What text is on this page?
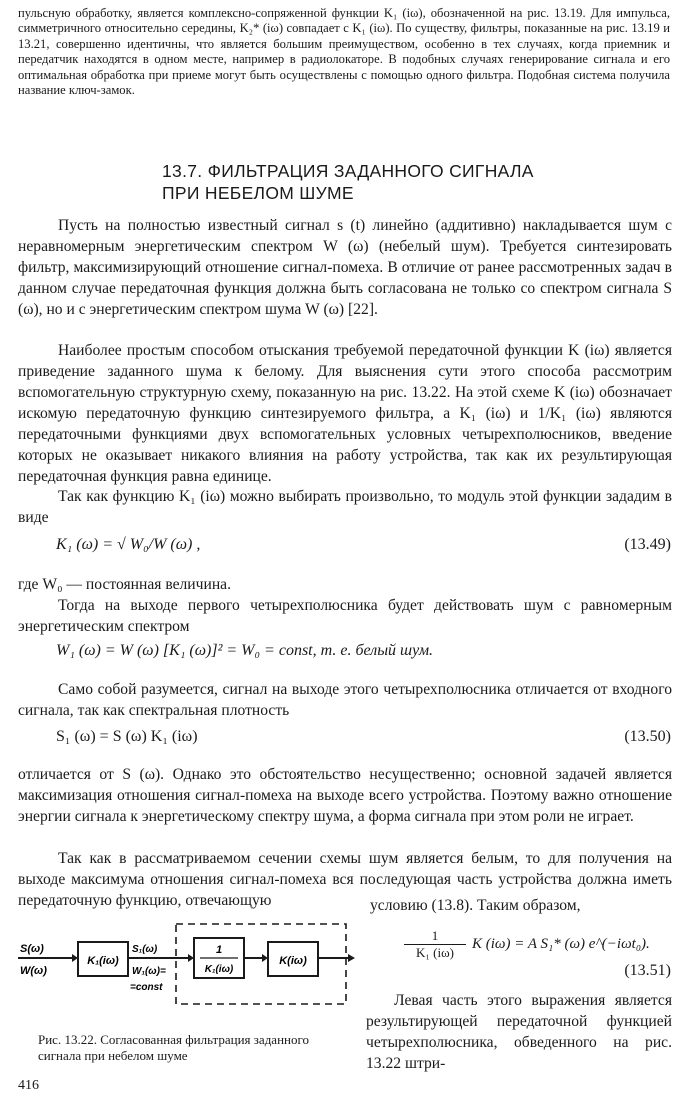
пульсную обработку, является комплексно-сопряженной функции K₁ (iω), обозначенной на рис. 13.19. Для импульса, симметричного относительно середины, K₂* (iω) совпадает с K₁ (iω). По существу, фильтры, показанные на рис. 13.19 и 13.21, совершенно идентичны, что является большим преимуществом, особенно в тех случаях, когда приемник и передатчик находятся в одном месте, например в радиолокаторе. В подобных случаях генерирование сигнала и его оптимальная обработка при приеме могут быть осуществлены с помощью одного фильтра. Подобная система получила название ключ-замок.

13.7. ФИЛЬТРАЦИЯ ЗАДАННОГО СИГНАЛА
ПРИ НЕБЕЛОМ ШУМЕ

Пусть на полностью известный сигнал s (t) линейно (аддитивно) накладывается шум с неравномерным энергетическим спектром W (ω) (небелый шум). Требуется синтезировать фильтр, максимизирующий отношение сигнал-помеха. В отличие от ранее рассмотренных задач в данном случае передаточная функция должна быть согласована не только со спектром сигнала S (ω), но и с энергетическим спектром шума W (ω) [22].

Наиболее простым способом отыскания требуемой передаточной функции K (iω) является приведение заданного шума к белому. Для выяснения сути этого способа рассмотрим вспомогательную структурную схему, показанную на рис. 13.22. На этой схеме K (iω) обозначает искомую передаточную функцию синтезируемого фильтра, а K₁ (iω) и 1/K₁ (iω) являются передаточными функциями двух вспомогательных условных четырехполюсников, введение которых не оказывает никакого влияния на работу устройства, так как их результирующая передаточная функция равна единице.

Так как функцию K₁ (iω) можно выбирать произвольно, то модуль этой функции зададим в виде

K₁ (ω) = √ W₀/W (ω) ,	(13.49)

где W₀ — постоянная величина.

Тогда на выходе первого четырехполюсника будет действовать шум с равномерным энергетическим спектром

W₁ (ω) = W (ω) [K₁ (ω)]² = W₀ = const, т. е. белый шум.

Само собой разумеется, сигнал на выходе этого четырехполюсника отличается от входного сигнала, так как спектральная плотность

S₁ (ω) = S (ω) K₁ (iω)	(13.50)

отличается от S (ω). Однако это обстоятельство несущественно; основной задачей является максимизация отношения сигнал-помеха на выходе всего устройства. Поэтому важно отношение энергии сигнала к энергетическому спектру шума, а форма сигнала при этом роли не играет.

Так как в рассматриваемом сечении схемы шум является белым, то для получения на выходе максимума отношения сигнал-помеха вся последующая часть устройства должна иметь передаточную функцию, отвечающую	условию (13.8). Таким образом,
1
K₁ (iω)
K (iω) = A S₁* (ω) e^(−iωt₀).
(13.51)

Левая часть этого выражения является результирующей передаточной функцией четырехполюсника, обведенного на рис. 13.22 штри-

S(ω)
W(ω)
K₁(iω)
S₁(ω)
W₁(ω)=
=const
1
K₁(iω)
K(iω)
Рис. 13.22. Согласованная фильтрация заданного сигнала при небелом шуме
416
